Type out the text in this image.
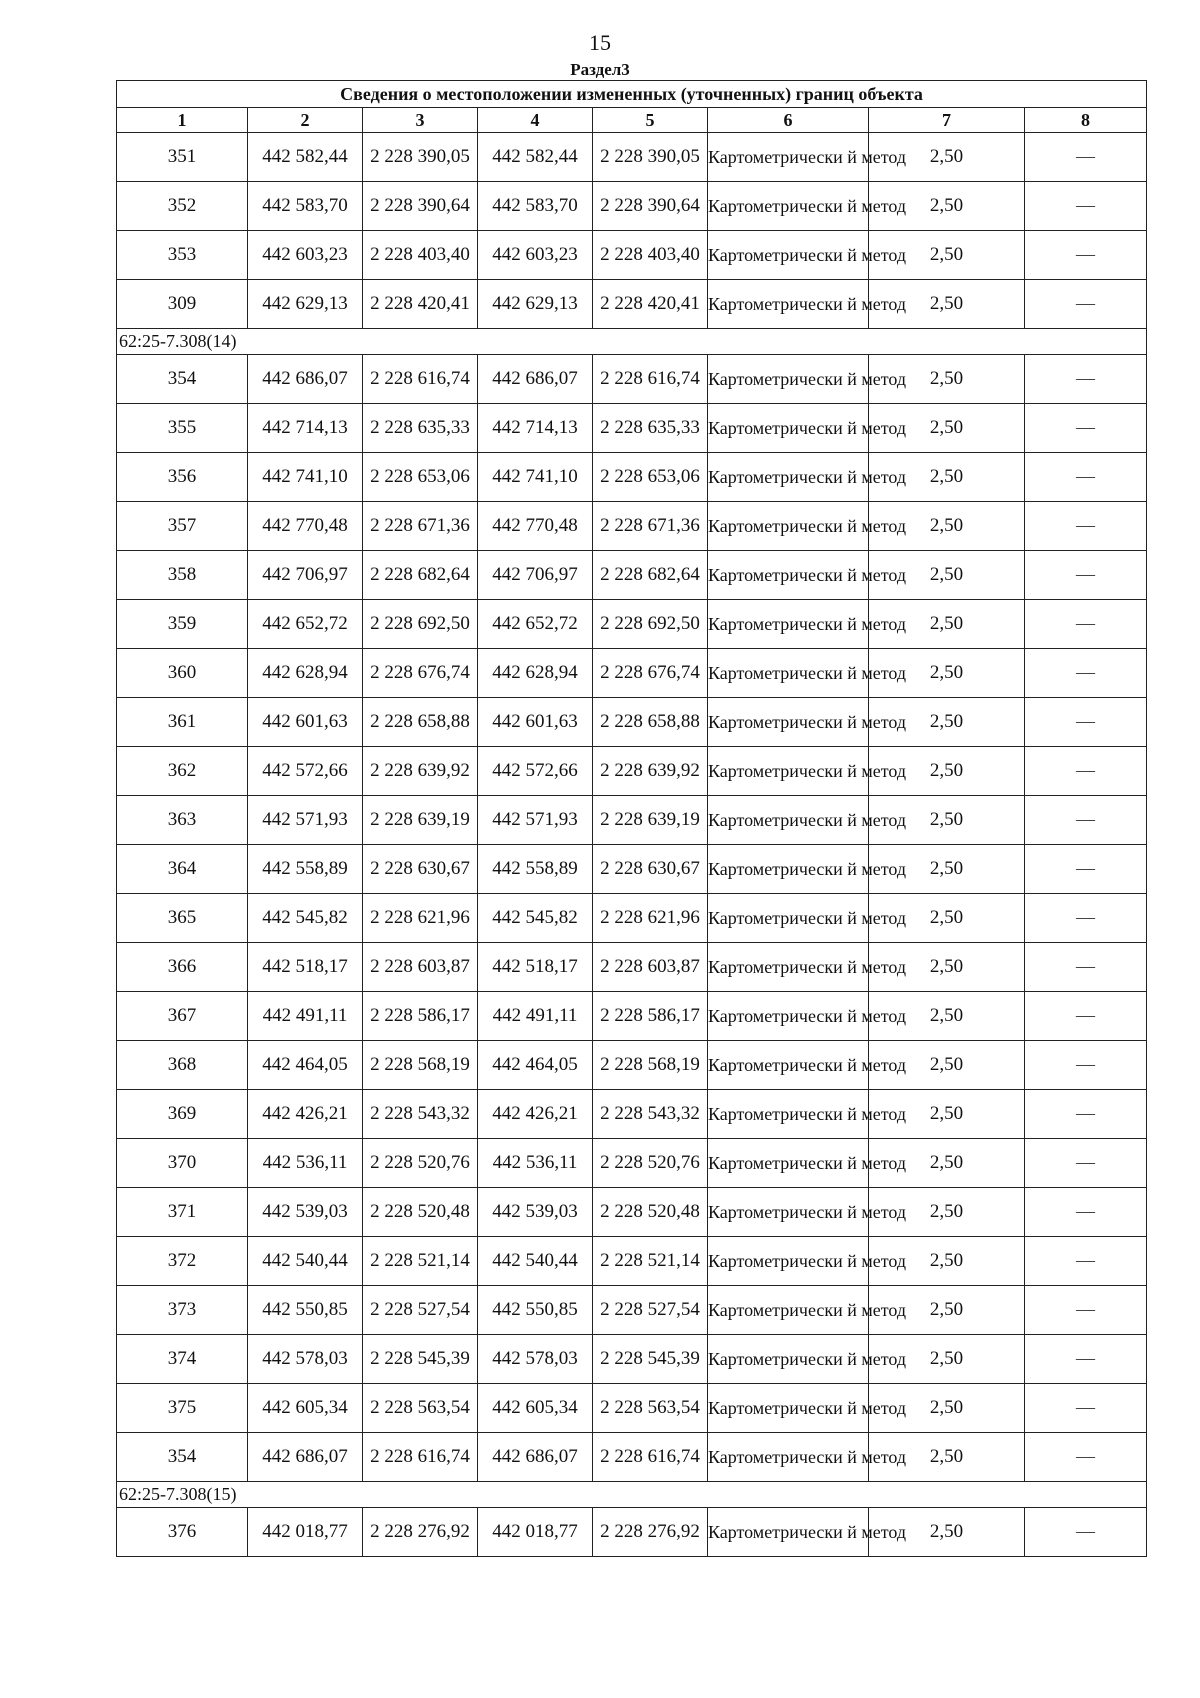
15
Раздел3
Сведения о местоположении измененных (уточненных) границ объекта							
1	2	3	4	5	6	7	8
351	442 582,44	2 228 390,05	442 582,44	2 228 390,05	Картометрически й метод	2,50	—
352	442 583,70	2 228 390,64	442 583,70	2 228 390,64	Картометрически й метод	2,50	—
353	442 603,23	2 228 403,40	442 603,23	2 228 403,40	Картометрически й метод	2,50	—
309	442 629,13	2 228 420,41	442 629,13	2 228 420,41	Картометрически й метод	2,50	—
62:25-7.308(14)							
354	442 686,07	2 228 616,74	442 686,07	2 228 616,74	Картометрически й метод	2,50	—
355	442 714,13	2 228 635,33	442 714,13	2 228 635,33	Картометрически й метод	2,50	—
356	442 741,10	2 228 653,06	442 741,10	2 228 653,06	Картометрически й метод	2,50	—
357	442 770,48	2 228 671,36	442 770,48	2 228 671,36	Картометрически й метод	2,50	—
358	442 706,97	2 228 682,64	442 706,97	2 228 682,64	Картометрически й метод	2,50	—
359	442 652,72	2 228 692,50	442 652,72	2 228 692,50	Картометрически й метод	2,50	—
360	442 628,94	2 228 676,74	442 628,94	2 228 676,74	Картометрически й метод	2,50	—
361	442 601,63	2 228 658,88	442 601,63	2 228 658,88	Картометрически й метод	2,50	—
362	442 572,66	2 228 639,92	442 572,66	2 228 639,92	Картометрически й метод	2,50	—
363	442 571,93	2 228 639,19	442 571,93	2 228 639,19	Картометрически й метод	2,50	—
364	442 558,89	2 228 630,67	442 558,89	2 228 630,67	Картометрически й метод	2,50	—
365	442 545,82	2 228 621,96	442 545,82	2 228 621,96	Картометрически й метод	2,50	—
366	442 518,17	2 228 603,87	442 518,17	2 228 603,87	Картометрически й метод	2,50	—
367	442 491,11	2 228 586,17	442 491,11	2 228 586,17	Картометрически й метод	2,50	—
368	442 464,05	2 228 568,19	442 464,05	2 228 568,19	Картометрически й метод	2,50	—
369	442 426,21	2 228 543,32	442 426,21	2 228 543,32	Картометрически й метод	2,50	—
370	442 536,11	2 228 520,76	442 536,11	2 228 520,76	Картометрически й метод	2,50	—
371	442 539,03	2 228 520,48	442 539,03	2 228 520,48	Картометрически й метод	2,50	—
372	442 540,44	2 228 521,14	442 540,44	2 228 521,14	Картометрически й метод	2,50	—
373	442 550,85	2 228 527,54	442 550,85	2 228 527,54	Картометрически й метод	2,50	—
374	442 578,03	2 228 545,39	442 578,03	2 228 545,39	Картометрически й метод	2,50	—
375	442 605,34	2 228 563,54	442 605,34	2 228 563,54	Картометрически й метод	2,50	—
354	442 686,07	2 228 616,74	442 686,07	2 228 616,74	Картометрически й метод	2,50	—
62:25-7.308(15)							
376	442 018,77	2 228 276,92	442 018,77	2 228 276,92	Картометрически й метод	2,50	—
